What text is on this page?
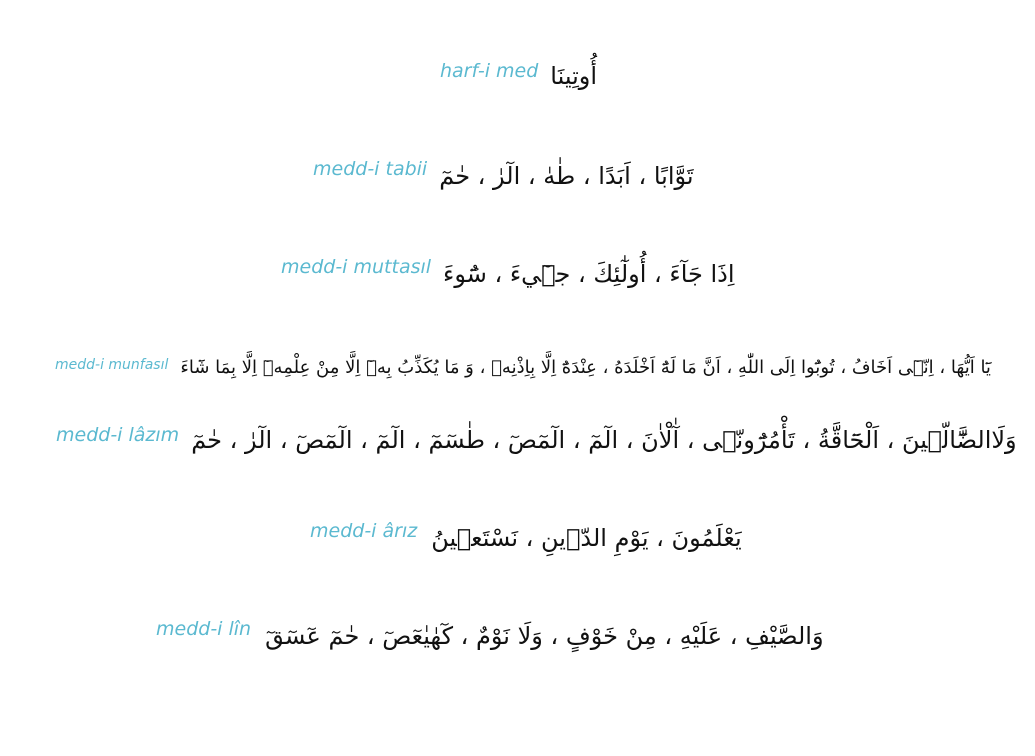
harf-i med أُوتِينَا
medd-i tabii تَوَّابًا ، اَبَدًا ، طٰهٰ ، الٓرٰ ، حٰمٓ
medd-i muttasıl اِذَا جَآءَ ، أُولٰٓئِكَ ، جٖٓيءَ ، سُٓوءَ
medd-i munfasıl يَٓا اَيُّهَا ، اِنّٖٓى اَخَافُ ، تُوبُٓوا اِلَى اللّٰهِ ، اَنَّ مَا لَهُٓ اَخْلَدَهُ ، عِنْدَهُٓ اِلَّا بِاِذْنِهٖ ، وَ مَا يُكَذِّبُ بِهٖٓ اِلَّا مِنْ عِلْمِهٖٓ اِلَّا بِمَا شَٓاءَ
medd-i lâzım وَلَاالضَّٓالّٖينَ ، اَلْحَٓاقَّةُ ، تَأْمُرُٓونّٖى ، آٰلْاٰنَ ، الٓمٓ ، الٓمٓصٓ ، طٰسٓمٓ ، الٓمٓ ، الٓمٓصٓ ، الٓرٰ ، حٰمٓ
medd-i ârız يَعْلَمُونَ ، يَوْمِ الدّٖينِ ، نَسْتَعٖينُ
medd-i lîn وَالصَّيْفِ ، عَلَيْهِ ، مِنْ خَوْفٍ ، وَلَا نَوْمٌ ، كٓهٰيٰعٓصٓ ، حٰمٓ عٓسٓقٓ
